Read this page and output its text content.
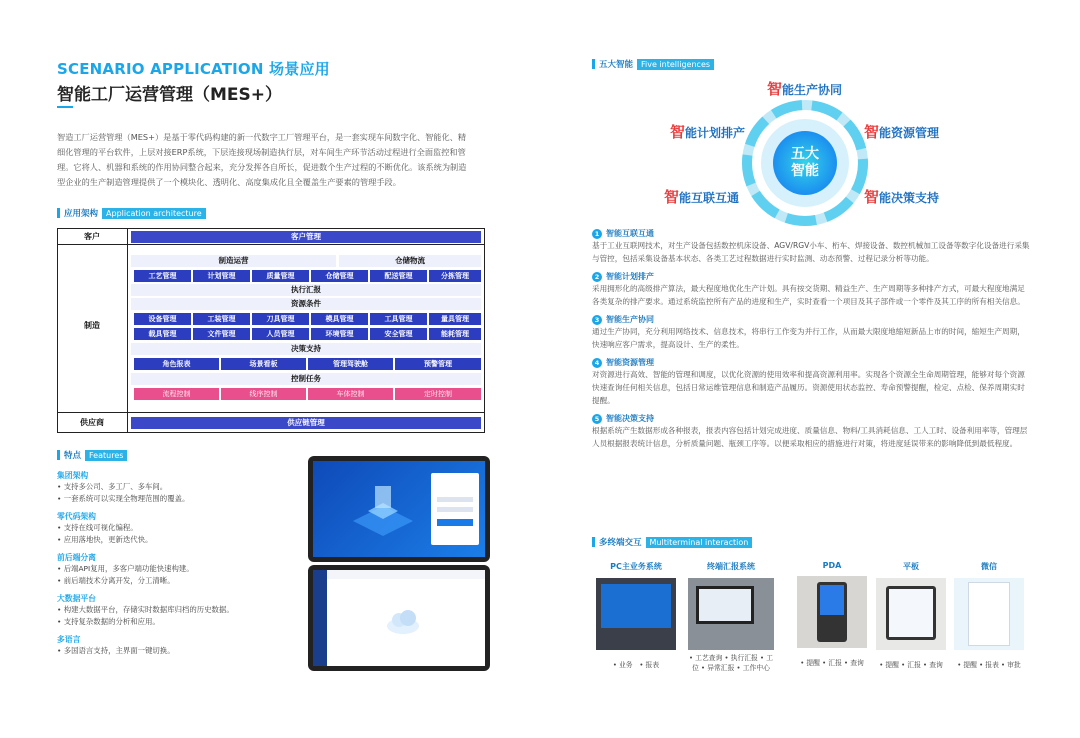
SCENARIO APPLICATION 场景应用
智能工厂运营管理（MES+）
智造工厂运营管理（MES+）是基于零代码构建的新一代数字工厂管理平台，是一套实现车间数字化、智能化、精细化管理的平台软件，上层对接ERP系统，下层连接现场制造执行层，对车间生产环节活动过程进行全面监控和管理。它将人、机器和系统的作用协同整合起来，充分发挥各自所长，促进数个生产过程的不断优化。该系统为制造型企业的生产制造管理提供了一个模块化、透明化、高度集成化且全覆盖生产要素的管理手段。
应用架构	Application architecture
客户	客户管理
制造
制造运营	仓储物流
工艺管理	计划管理	质量管理	仓储管理	配送管理	分拣管理
执行汇报
资源条件
设备管理	工装管理	刀具管理	模具管理	工具管理	量具管理
载具管理	文件管理	人员管理	环境管理	安全管理	能耗管理
决策支持
角色报表	场景看板	管理驾驶舱	预警管理
控制任务
流程控制	线序控制	车体控制	定时控制
供应商	供应链管理
特点	Features
集团架构
• 支持多公司、多工厂、多车间。
• 一套系统可以实现全物理范围的覆盖。
零代码架构
• 支持在线可视化编程。
• 应用落地快，更新迭代快。
前后端分离
• 后端API复用，多客户端功能快速构建。
• 前后端技术分离开发，分工清晰。
大数据平台
• 构建大数据平台，存储实时数据库归档的历史数据。
• 支持复杂数据的分析和应用。
多语言
• 多国语言支持，主界面一键切换。
五大智能	Five intelligences
五大
智能
智能生产协同
智能计划排产	智能资源管理
智能互联互通	智能决策支持
1 智能互联互通
基于工业互联网技术，对生产设备包括数控机床设备、AGV/RGV小车、桁车、焊接设备、数控机械加工设备等数字化设备进行采集与管控，包括采集设备基本状态、各类工艺过程数据进行实时监测、动态预警、过程记录分析等功能。
2 智能计划排产
采用拥形化的高级排产算法，最大程度地优化生产计划。具有按交货期、精益生产、生产周期等多种排产方式，可最大程度地满足各类复杂的排产要求。通过系统监控所有产品的进度和生产，实时查看一个项目及其子部件或一个零件及其工序的所有相关信息。
3 智能生产协同
通过生产协同，充分利用网络技术、信息技术，将串行工作变为并行工作，从而最大限度地缩短新品上市的时间，缩短生产周期，快速响应客户需求，提高设计、生产的柔性。
4 智能资源管理
对资源进行高效、智能的管理和调度，以优化资源的使用效率和提高资源利用率。实现各个资源全生命周期管理，能够对每个资源快速查询任何相关信息，包括日常运维管理信息和制造产品履历。资源使用状态监控、寿命预警提醒，检定、点检、保养周期实时提醒。
5 智能决策支持
根据系统产生数据形成各种报表，报表内容包括计划完成进度、质量信息、物料/工具消耗信息、工人工时、设备利用率等，管理层人员根据报表统计信息，分析质量问题、瓶颈工序等。以便采取相应的措施进行对策，将进度延误带来的影响降低到最低程度。
多终端交互	Multiterminal interaction
PC主业务系统
• 业务　• 报表
终端汇报系统
• 工艺查询 • 执行汇报 • 工位 • 异常汇报 • 工作中心
PDA
• 提醒 • 汇报 • 查询
平板
• 提醒 • 汇报 • 查询
微信
• 提醒 • 报表 • 审批
